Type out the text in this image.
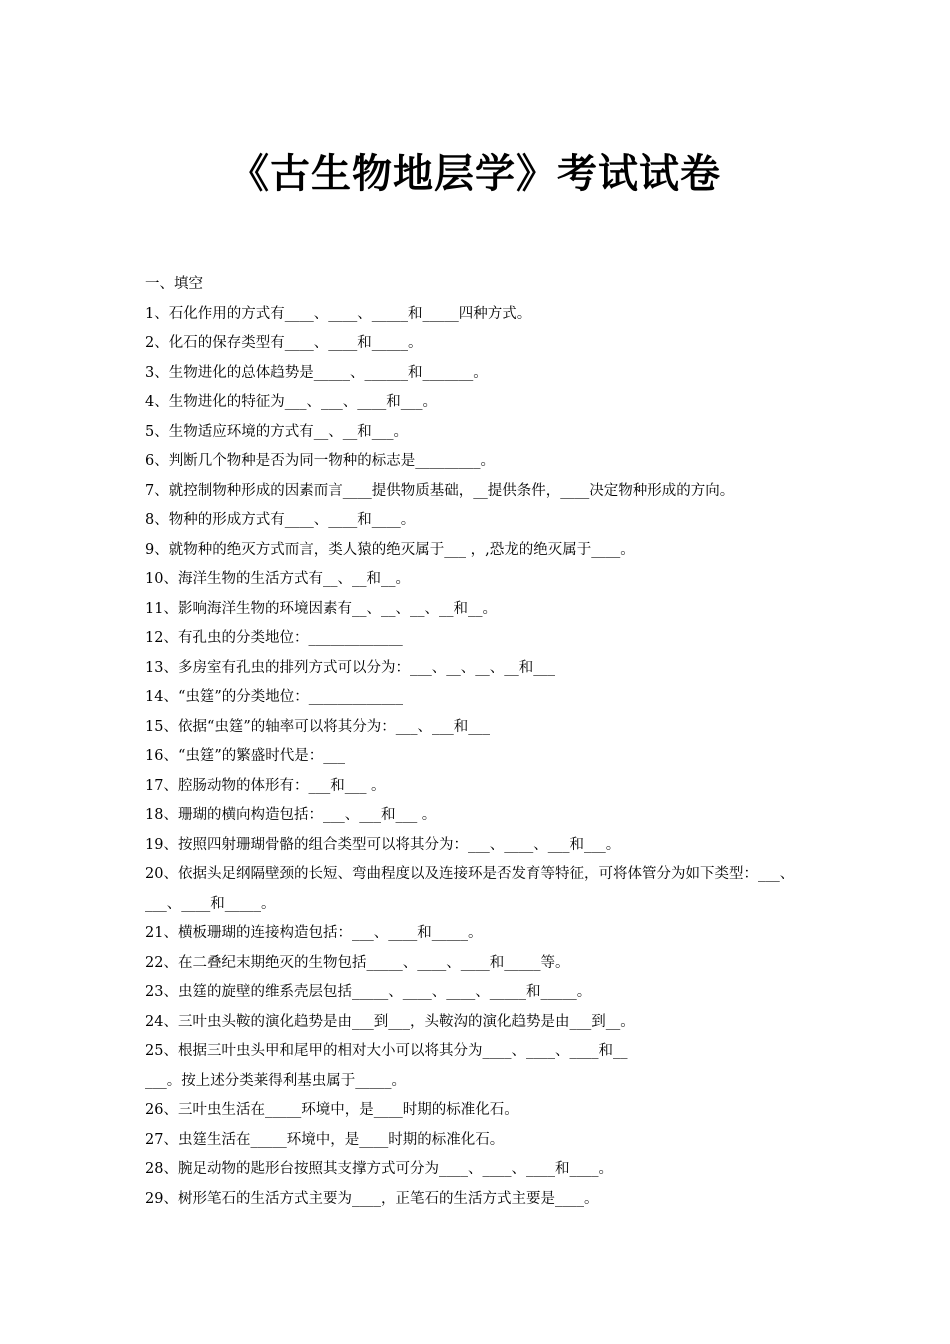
《古生物地层学》考试试卷
一、填空
1、石化作用的方式有____、____、_____和_____四种方式。
2、化石的保存类型有____、____和_____。
3、生物进化的总体趋势是_____、______和_______。
4、生物进化的特征为___、___、____和___。
5、生物适应环境的方式有__、__和___。
6、判断几个物种是否为同一物种的标志是_________。
7、就控制物种形成的因素而言____提供物质基础，__提供条件，____决定物种形成的方向。
8、物种的形成方式有____、____和____。
9、就物种的绝灭方式而言，类人猿的绝灭属于___ ，,恐龙的绝灭属于____。
10、海洋生物的生活方式有__、__和__。
11、影响海洋生物的环境因素有__、__、__、__和__。
12、有孔虫的分类地位：_____________
13、多房室有孔虫的排列方式可以分为：___、__、__、__和___
14、“虫筳”的分类地位：_____________
15、依据“虫筳”的轴率可以将其分为：___、___和___
16、“虫筳”的繁盛时代是：___
17、腔肠动物的体形有：___和___ 。
18、珊瑚的横向构造包括：___、___和___ 。
19、按照四射珊瑚骨骼的组合类型可以将其分为：___、____、___和___。
20、依据头足纲隔壁颈的长短、弯曲程度以及连接环是否发育等特征，可将体管分为如下类型：___、___、____和_____。
21、横板珊瑚的连接构造包括：___、____和_____。
22、在二叠纪末期绝灭的生物包括_____、____、____和_____等。
23、虫筳的旋壁的维系壳层包括_____、____、____、_____和_____。
24、三叶虫头鞍的演化趋势是由___到___，头鞍沟的演化趋势是由___到__。
25、根据三叶虫头甲和尾甲的相对大小可以将其分为____、____、____和__
___。按上述分类莱得利基虫属于_____。
26、三叶虫生活在_____环境中，是____时期的标准化石。
27、虫筳生活在_____环境中，是____时期的标准化石。
28、腕足动物的匙形台按照其支撑方式可分为____、____、____和____。
29、树形笔石的生活方式主要为____，正笔石的生活方式主要是____。
